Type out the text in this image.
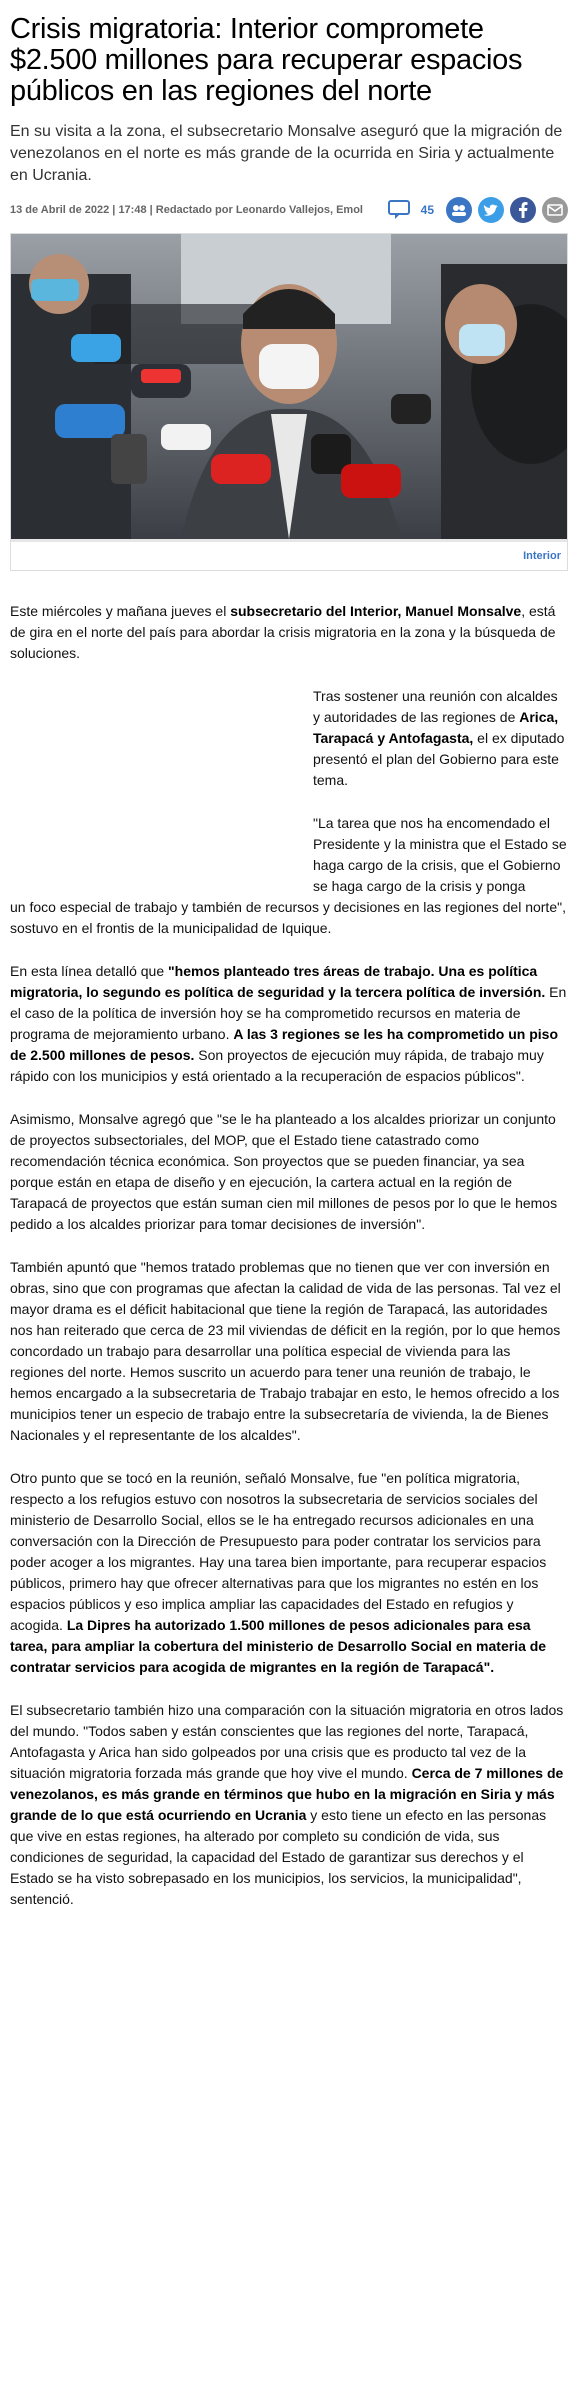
Crisis migratoria: Interior compromete $2.500 millones para recuperar espacios públicos en las regiones del norte

En su visita a la zona, el subsecretario Monsalve aseguró que la migración de venezolanos en el norte es más grande de la ocurrida en Siria y actualmente en Ucrania.

13 de Abril de 2022 | 17:48 | Redactado por Leonardo Vallejos, Emol	45
Interior

Este miércoles y mañana jueves el subsecretario del Interior, Manuel Monsalve, está de gira en el norte del país para abordar la crisis migratoria en la zona y la búsqueda de soluciones.

Tras sostener una reunión con alcaldes y autoridades de las regiones de Arica, Tarapacá y Antofagasta, el ex diputado presentó el plan del Gobierno para este tema.

"La tarea que nos ha encomendado el Presidente y la ministra que el Estado se haga cargo de la crisis, que el Gobierno se haga cargo de la crisis y ponga

un foco especial de trabajo y también de recursos y decisiones en las regiones del norte", sostuvo en el frontis de la municipalidad de Iquique.

En esta línea detalló que "hemos planteado tres áreas de trabajo. Una es política migratoria, lo segundo es política de seguridad y la tercera política de inversión. En el caso de la política de inversión hoy se ha comprometido recursos en materia de programa de mejoramiento urbano. A las 3 regiones se les ha comprometido un piso de 2.500 millones de pesos. Son proyectos de ejecución muy rápida, de trabajo muy rápido con los municipios y está orientado a la recuperación de espacios públicos".

Asimismo, Monsalve agregó que "se le ha planteado a los alcaldes priorizar un conjunto de proyectos subsectoriales, del MOP, que el Estado tiene catastrado como recomendación técnica económica. Son proyectos que se pueden financiar, ya sea porque están en etapa de diseño y en ejecución, la cartera actual en la región de Tarapacá de proyectos que están suman cien mil millones de pesos por lo que le hemos pedido a los alcaldes priorizar para tomar decisiones de inversión".

También apuntó que "hemos tratado problemas que no tienen que ver con inversión en obras, sino que con programas que afectan la calidad de vida de las personas. Tal vez el mayor drama es el déficit habitacional que tiene la región de Tarapacá, las autoridades nos han reiterado que cerca de 23 mil viviendas de déficit en la región, por lo que hemos concordado un trabajo para desarrollar una política especial de vivienda para las regiones del norte. Hemos suscrito un acuerdo para tener una reunión de trabajo, le hemos encargado a la subsecretaria de Trabajo trabajar en esto, le hemos ofrecido a los municipios tener un especio de trabajo entre la subsecretaría de vivienda, la de Bienes Nacionales y el representante de los alcaldes".

Otro punto que se tocó en la reunión, señaló Monsalve, fue "en política migratoria, respecto a los refugios estuvo con nosotros la subsecretaria de servicios sociales del ministerio de Desarrollo Social, ellos se le ha entregado recursos adicionales en una conversación con la Dirección de Presupuesto para poder contratar los servicios para poder acoger a los migrantes. Hay una tarea bien importante, para recuperar espacios públicos, primero hay que ofrecer alternativas para que los migrantes no estén en los espacios públicos y eso implica ampliar las capacidades del Estado en refugios y acogida. La Dipres ha autorizado 1.500 millones de pesos adicionales para esa tarea, para ampliar la cobertura del ministerio de Desarrollo Social en materia de contratar servicios para acogida de migrantes en la región de Tarapacá".

El subsecretario también hizo una comparación con la situación migratoria en otros lados del mundo. "Todos saben y están conscientes que las regiones del norte, Tarapacá, Antofagasta y Arica han sido golpeados por una crisis que es producto tal vez de la situación migratoria forzada más grande que hoy vive el mundo. Cerca de 7 millones de venezolanos, es más grande en términos que hubo en la migración en Siria y más grande de lo que está ocurriendo en Ucrania y esto tiene un efecto en las personas que vive en estas regiones, ha alterado por completo su condición de vida, sus condiciones de seguridad, la capacidad del Estado de garantizar sus derechos y el Estado se ha visto sobrepasado en los municipios, los servicios, la municipalidad", sentenció.
